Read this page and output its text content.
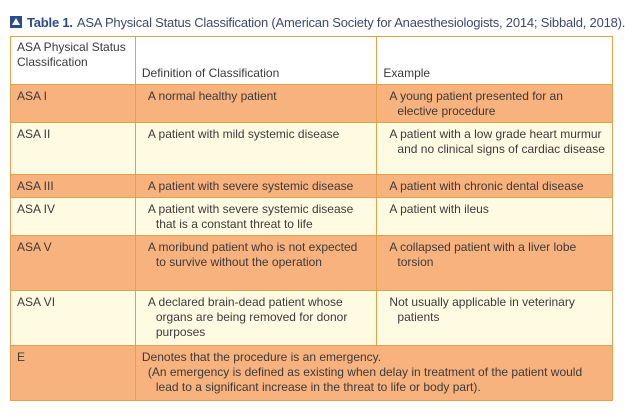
Table 1. ASA Physical Status Classification (American Society for Anaesthesiologists, 2014; Sibbald, 2018).
ASA Physical Status Classification	Definition of Classification	Example
ASA I	A normal healthy patient	A young patient presented for an elective procedure

ASA II	A patient with mild systemic disease	A patient with a low grade heart murmur and no clinical signs of cardiac disease

ASA III	A patient with severe systemic disease	A patient with chronic dental disease

ASA IV	A patient with severe systemic disease that is a constant threat to life	A patient with ileus

ASA V	A moribund patient who is not expected to survive without the operation	A collapsed patient with a liver lobe torsion

ASA VI	A declared brain-dead patient whose organs are being removed for donor purposes	Not usually applicable in veterinary patients

E	Denotes that the procedure is an emergency.
(An emergency is defined as existing when delay in treatment of the patient would lead to a significant increase in the threat to life or body part).	
